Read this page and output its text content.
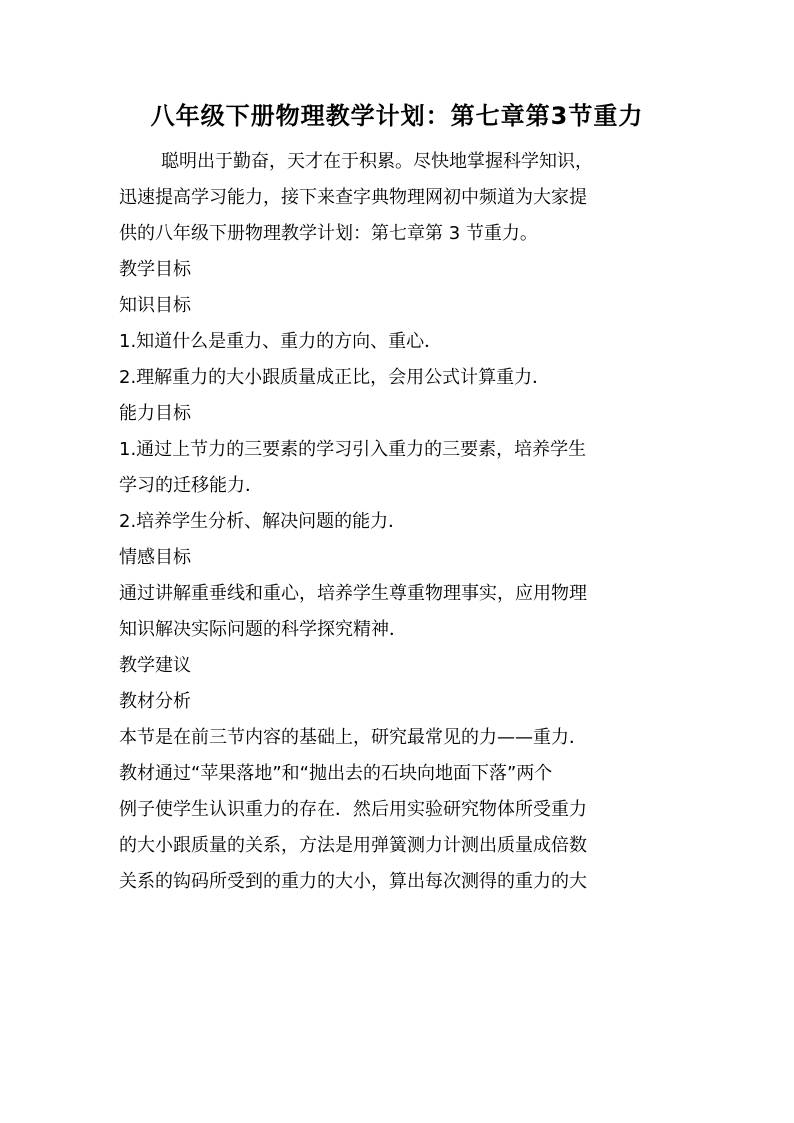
八年级下册物理教学计划：第七章第3节重力

聪明出于勤奋，天才在于积累。尽快地掌握科学知识，

迅速提高学习能力，接下来查字典物理网初中频道为大家提

供的八年级下册物理教学计划：第七章第 3 节重力。

教学目标

知识目标

1.知道什么是重力、重力的方向、重心．

2.理解重力的大小跟质量成正比，会用公式计算重力．

能力目标

1.通过上节力的三要素的学习引入重力的三要素，培养学生

学习的迁移能力．

2.培养学生分析、解决问题的能力．

情感目标

通过讲解重垂线和重心，培养学生尊重物理事实，应用物理

知识解决实际问题的科学探究精神．

教学建议

教材分析

本节是在前三节内容的基础上，研究最常见的力——重力．

教材通过“苹果落地”和“抛出去的石块向地面下落”两个

例子使学生认识重力的存在．然后用实验研究物体所受重力

的大小跟质量的关系，方法是用弹簧测力计测出质量成倍数

关系的钩码所受到的重力的大小，算出每次测得的重力的大
